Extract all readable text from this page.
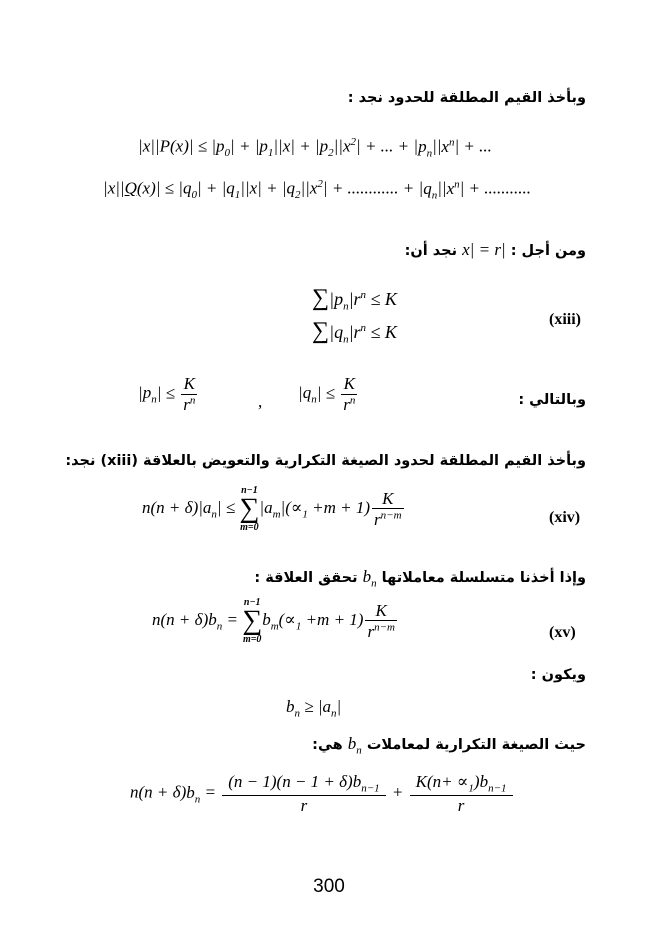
وبأخذ القيم المطلقة للحدود نجد :
$|x||P(x)| \le |p_0| + |p_1||x| + |p_2||x^2|$ + ... + $|p_n||x^n|$ + ...
$|x||Q(x)| \le |q_0| + |q_1||x| + |q_2||x^2|$ + ............ + $|q_n||x^n|$ + ...........
ومن أجل : |x| = r نجد أن:
$\sum|p_n|r^n \le K$
$\sum|q_n|r^n \le K$
(xiii)
وبالتالي :
$|p_n| \le \frac{K}{r^n}$	, $|q_n| \le \frac{K}{r^n}$
وبأخذ القيم المطلقة لحدود الصيغة التكرارية والتعويض بالعلاقة (xiii) نجد:
$n(n + \delta)|a_n|$ ≤
n−1
∑
m=0
$|a_m|(\propto_1 +m + 1) \frac{K}{r^{n-m}}$	(xiv)
وإذا أخذنا متسلسلة معاملاتها $b_n$ تحقق العلاقة :
$n(n + \delta)b_n$ =
n−1
∑
m=0
$b_m(\propto_1 +m + 1) \frac{K}{r^{n-m}}$	(xv)
ويكون :
$b_n \ge |a_n|$
حيث الصيغة التكرارية لمعاملات $b_n$ هي:
$n(n + \delta)b_n = \frac{(n - 1)(n - 1 + \delta)b_{n-1}}{r} + \frac{K(n+ \propto_1)b_{n-1}}{r}$
300
